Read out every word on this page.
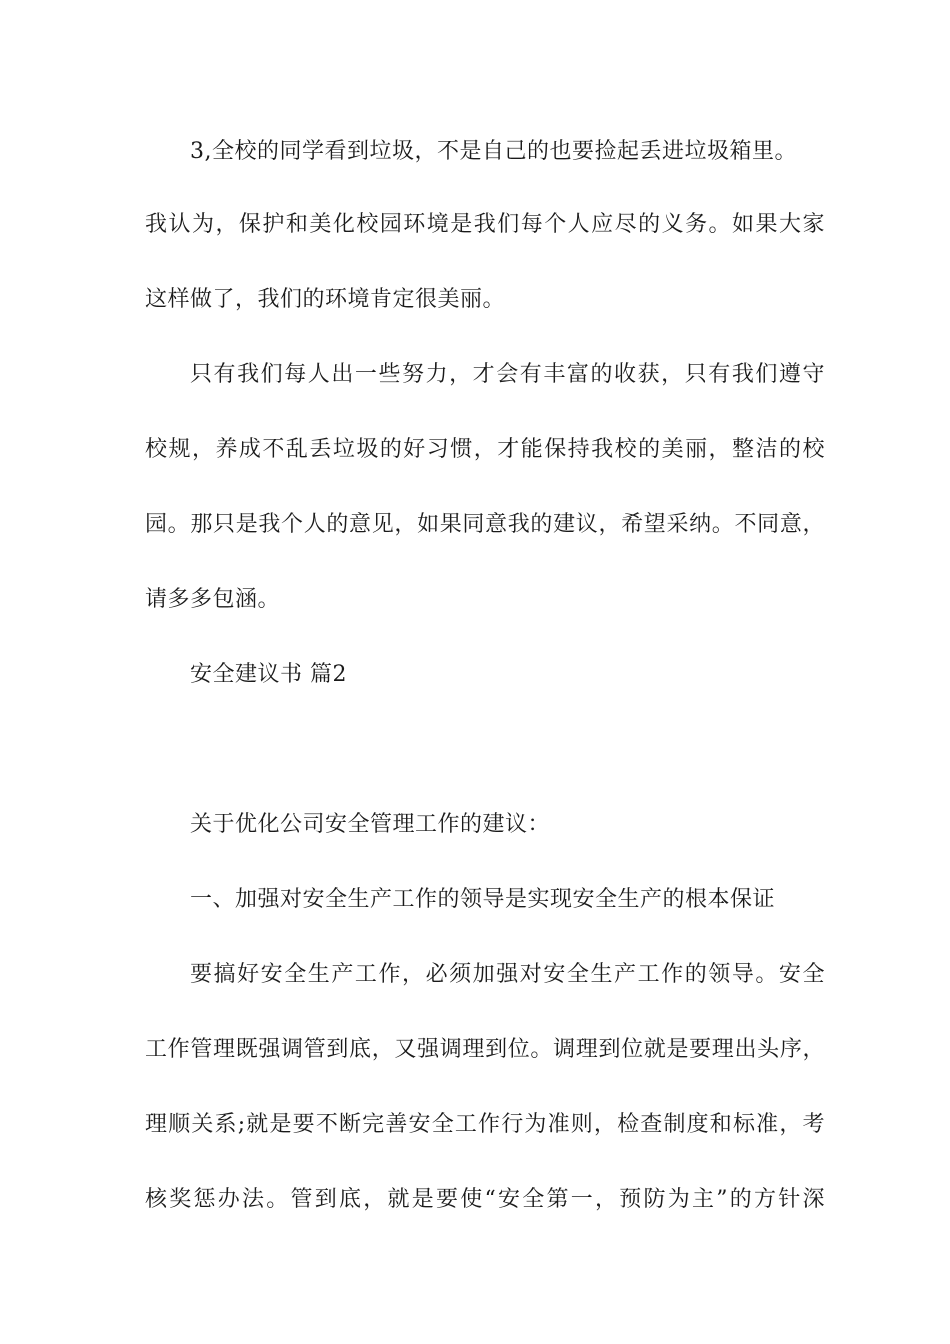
3,全校的同学看到垃圾，不是自己的也要捡起丢进垃圾箱里。
我认为，保护和美化校园环境是我们每个人应尽的义务。如果大家
这样做了，我们的环境肯定很美丽。
只有我们每人出一些努力，才会有丰富的收获，只有我们遵守
校规，养成不乱丢垃圾的好习惯，才能保持我校的美丽，整洁的校
园。那只是我个人的意见，如果同意我的建议，希望采纳。不同意，
请多多包涵。
安全建议书 篇2
关于优化公司安全管理工作的建议：
一、加强对安全生产工作的领导是实现安全生产的根本保证
要搞好安全生产工作，必须加强对安全生产工作的领导。安全
工作管理既强调管到底，又强调理到位。调理到位就是要理出头序，
理顺关系;就是要不断完善安全工作行为准则，检查制度和标准，考
核奖惩办法。管到底，就是要使“安全第一，预防为主”的方针深
